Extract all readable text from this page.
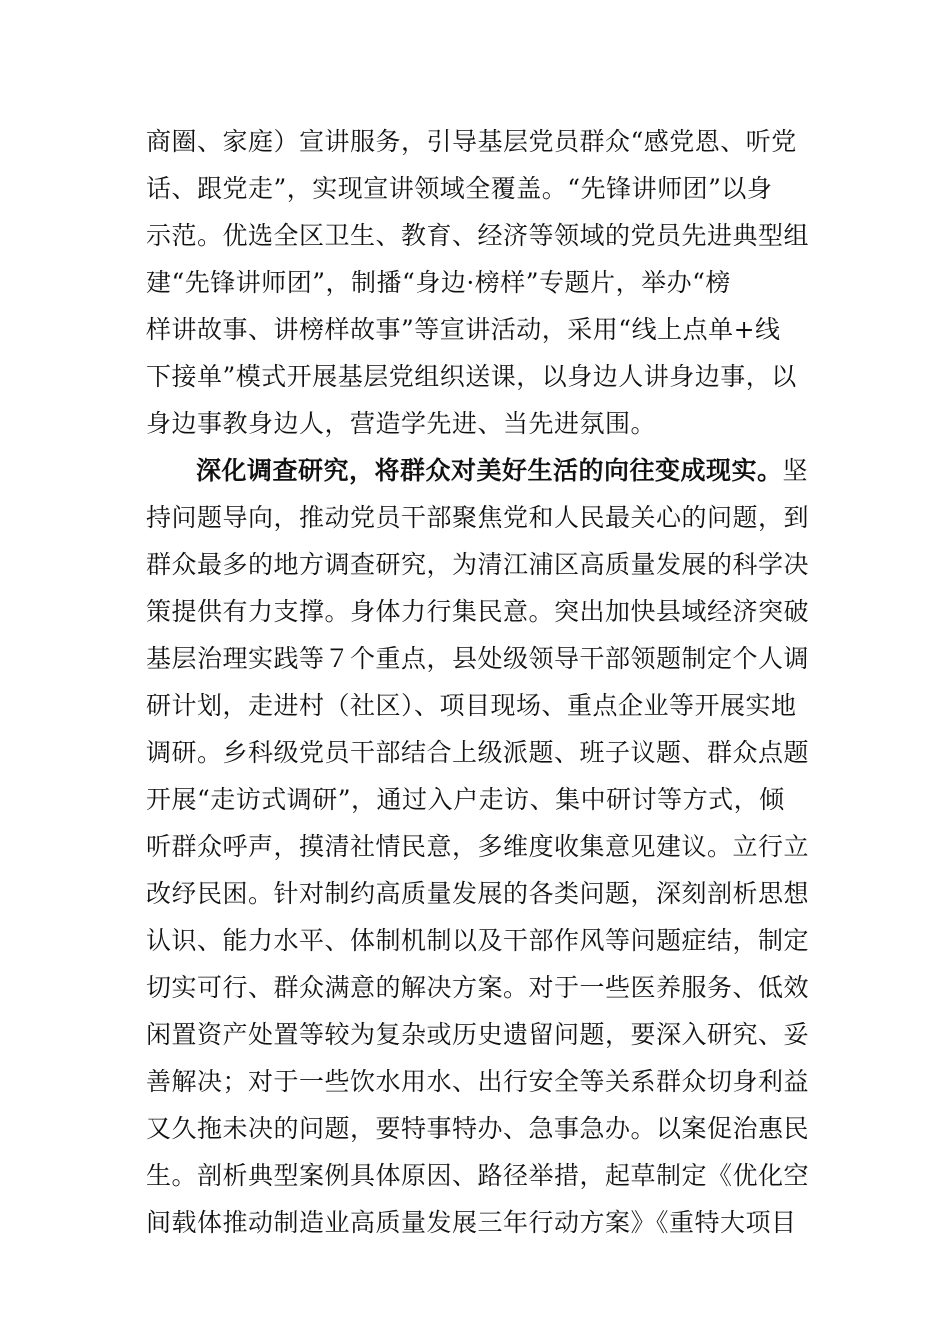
商圈、家庭）宣讲服务，引导基层党员群众“感党恩、听党
话、跟党走”，实现宣讲领域全覆盖。“先锋讲师团”以身
示范。优选全区卫生、教育、经济等领域的党员先进典型组
建“先锋讲师团”，制播“身边·榜样”专题片，举办“榜
样讲故事、讲榜样故事”等宣讲活动，采用“线上点单+线
下接单”模式开展基层党组织送课，以身边人讲身边事，以
身边事教身边人，营造学先进、当先进氛围。
深化调查研究，将群众对美好生活的向往变成现实。坚
持问题导向，推动党员干部聚焦党和人民最关心的问题，到
群众最多的地方调查研究，为清江浦区高质量发展的科学决
策提供有力支撑。身体力行集民意。突出加快县域经济突破
基层治理实践等７个重点，县处级领导干部领题制定个人调
研计划，走进村（社区）、项目现场、重点企业等开展实地
调研。乡科级党员干部结合上级派题、班子议题、群众点题
开展“走访式调研”，通过入户走访、集中研讨等方式，倾
听群众呼声，摸清社情民意，多维度收集意见建议。立行立
改纾民困。针对制约高质量发展的各类问题，深刻剖析思想
认识、能力水平、体制机制以及干部作风等问题症结，制定
切实可行、群众满意的解决方案。对于一些医养服务、低效
闲置资产处置等较为复杂或历史遗留问题，要深入研究、妥
善解决；对于一些饮水用水、出行安全等关系群众切身利益
又久拖未决的问题，要特事特办、急事急办。以案促治惠民
生。剖析典型案例具体原因、路径举措，起草制定《优化空
间载体推动制造业高质量发展三年行动方案》《重特大项目
